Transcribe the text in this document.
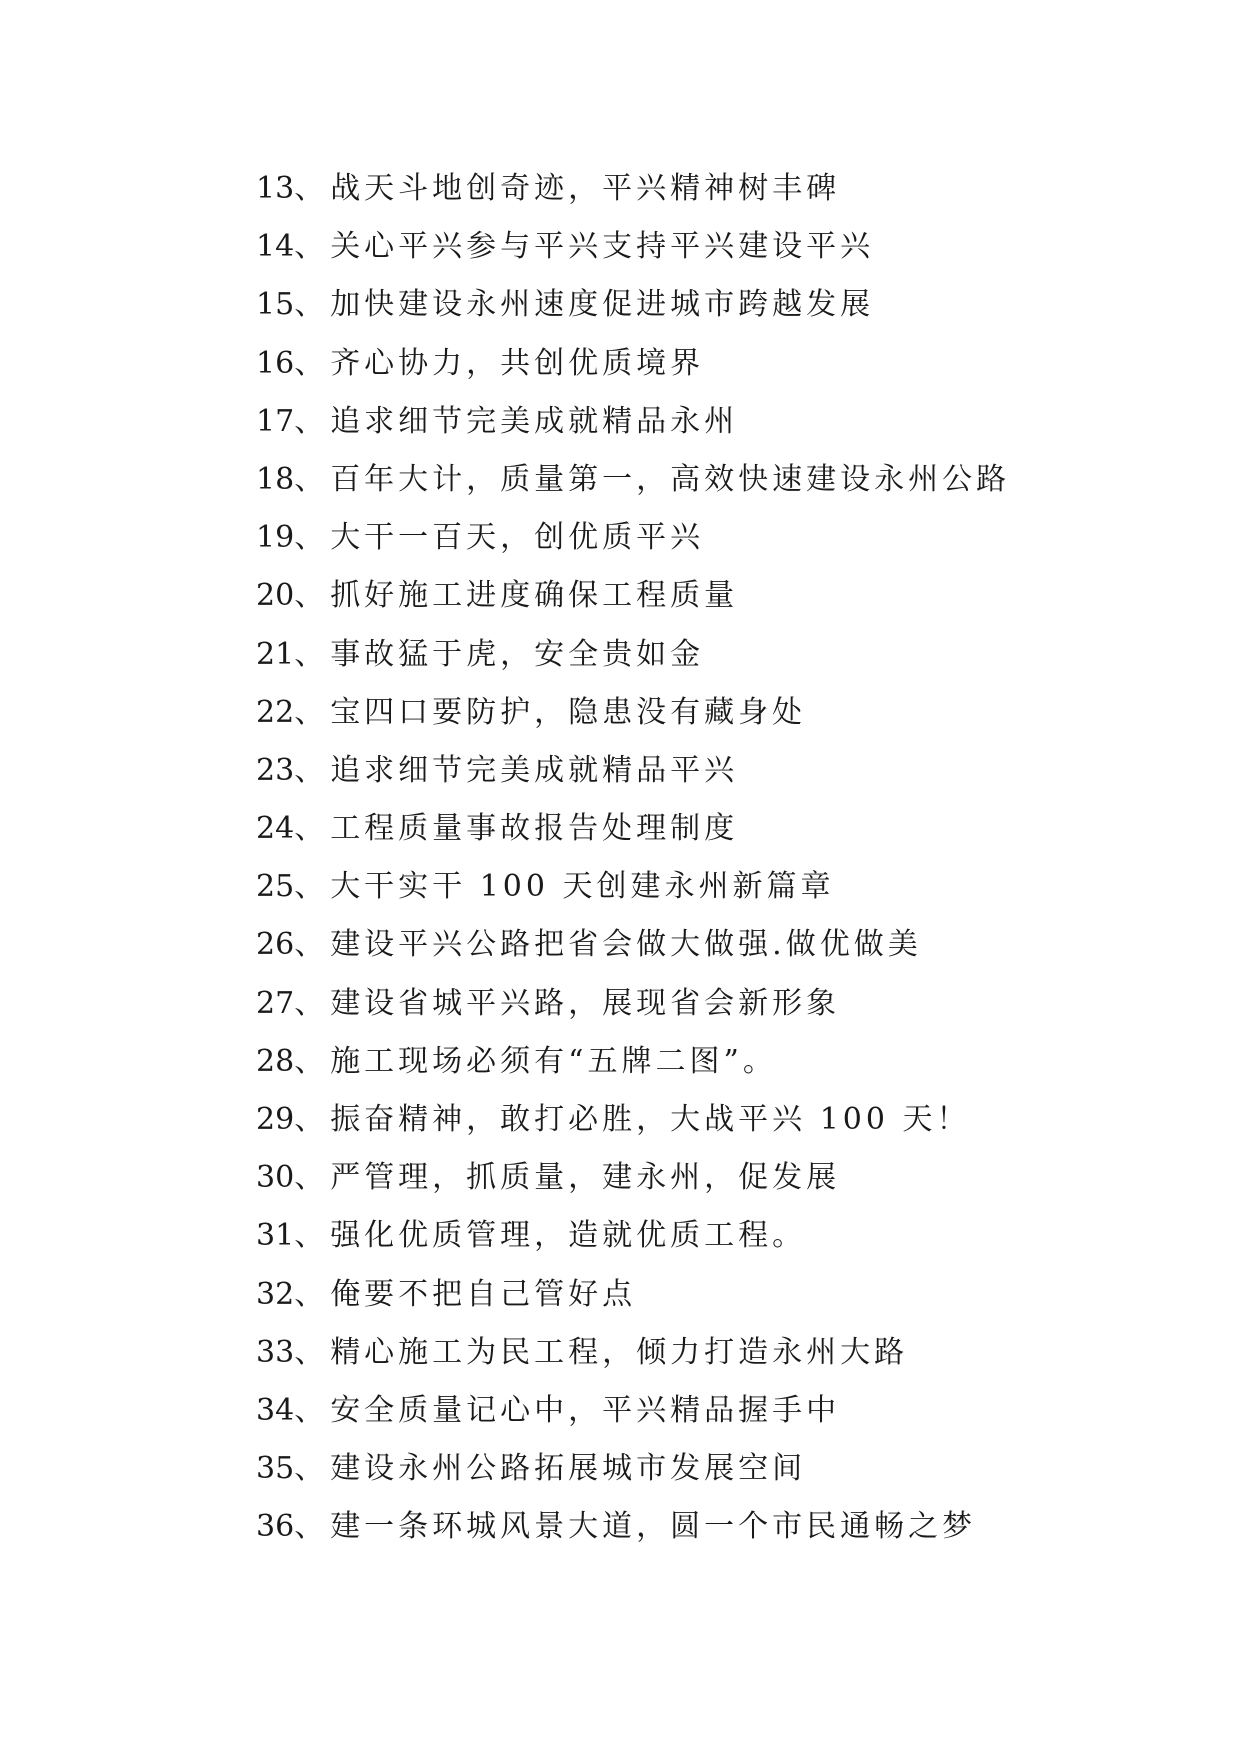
13 、 战天斗地创奇迹，平兴精神树丰碑
14 、 关心平兴参与平兴支持平兴建设平兴
15 、 加快建设永州速度促进城市跨越发展
16 、 齐心协力，共创优质境界
17 、 追求细节完美成就精品永州
18 、 百年大计，质量第一，高效快速建设永州公路
19 、 大干一百天，创优质平兴
20 、 抓好施工进度确保工程质量
21 、 事故猛于虎，安全贵如金
22 、 宝四口要防护，隐患没有藏身处
23 、 追求细节完美成就精品平兴
24 、 工程质量事故报告处理制度
25 、 大干实干 100 天创建永州新篇章
26 、 建设平兴公路把省会做大做强.做优做美
27 、 建设省城平兴路，展现省会新形象
28 、 施工现场必须有“五牌二图”。
29 、 振奋精神，敢打必胜，大战平兴 100 天！
30 、 严管理，抓质量，建永州，促发展
31 、 强化优质管理，造就优质工程。
32 、 俺要不把自己管好点
33 、 精心施工为民工程，倾力打造永州大路
34 、 安全质量记心中，平兴精品握手中
35 、 建设永州公路拓展城市发展空间
36 、 建一条环城风景大道，圆一个市民通畅之梦
